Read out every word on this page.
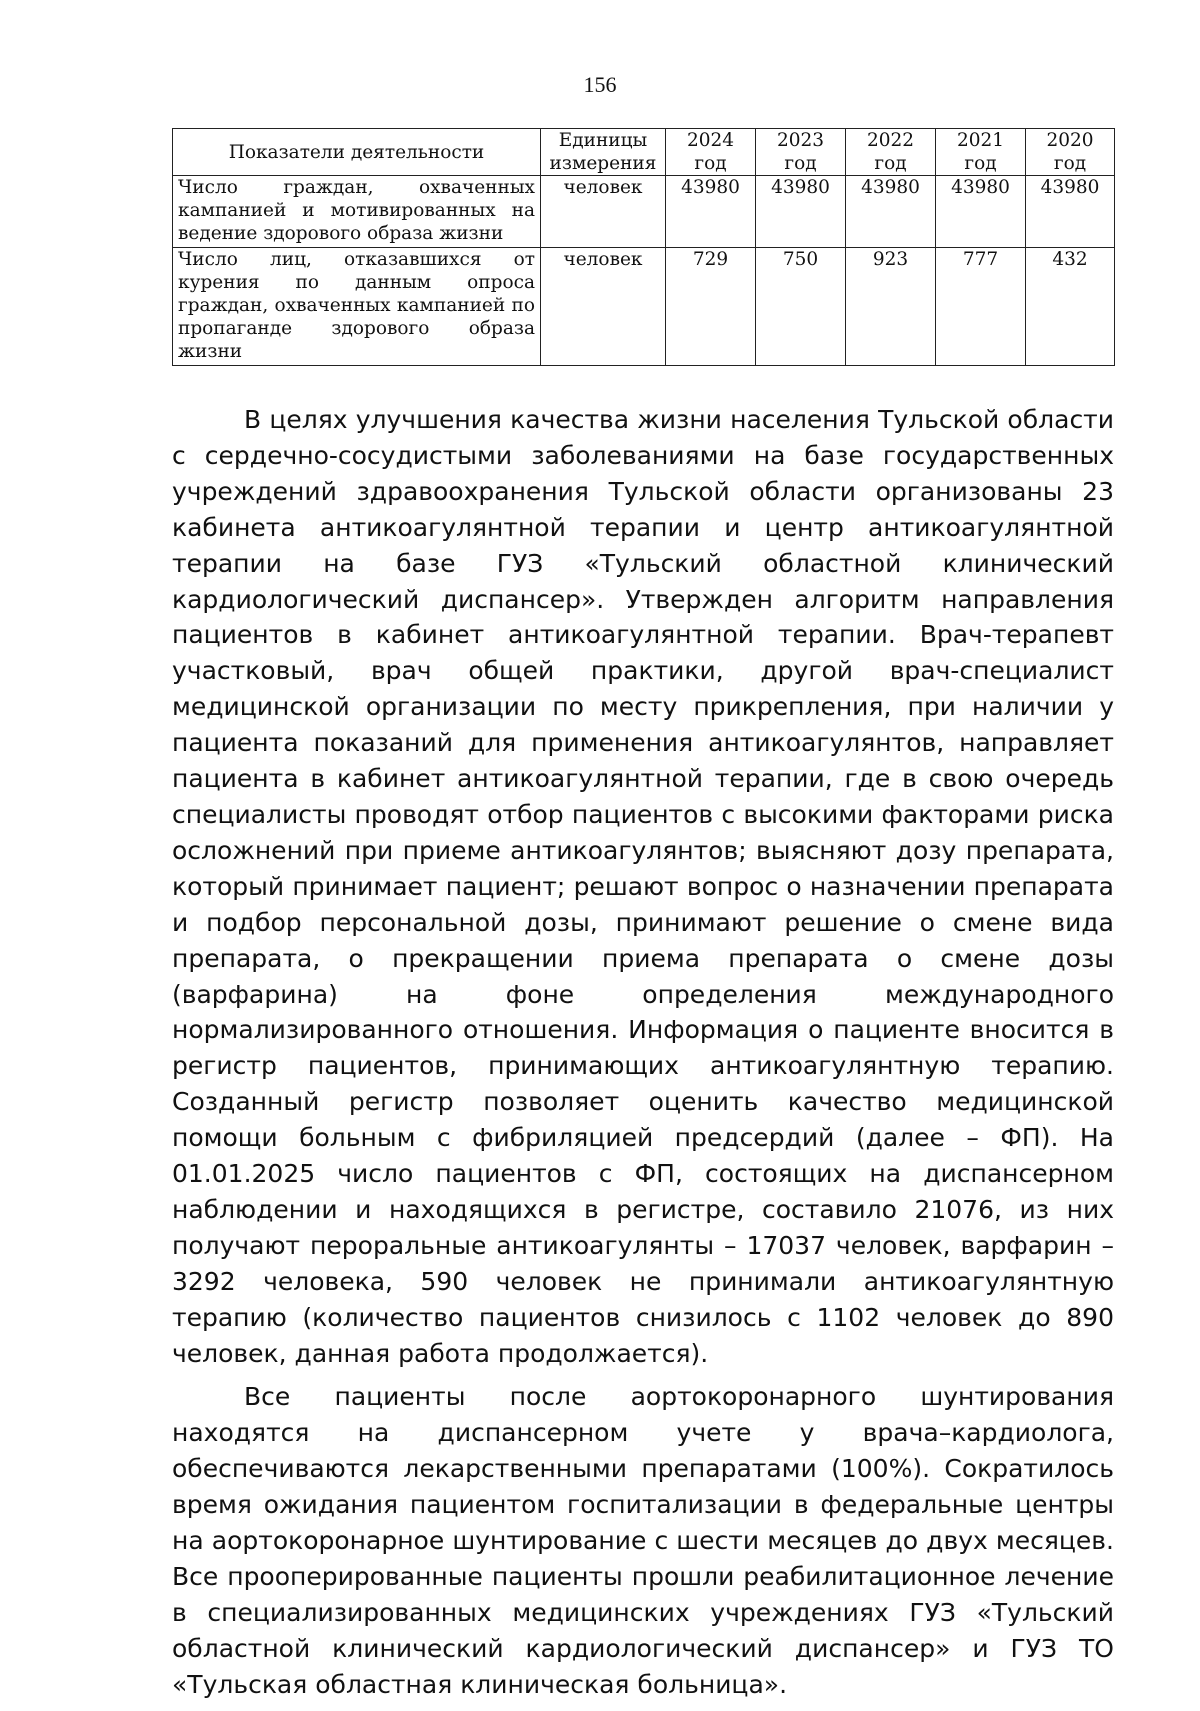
156
Показатели деятельности	Единицы измерения	2024 год	2023 год	2022 год	2021 год	2020 год
Число граждан, охваченных кампанией и мотивированных на ведение здорового образа жизни	человек	43980	43980	43980	43980	43980
Число лиц, отказавшихся от курения по данным опроса граждан, охваченных кампанией по пропаганде здорового образа жизни	человек	729	750	923	777	432

В целях улучшения качества жизни населения Тульской области с сердечно-сосудистыми заболеваниями на базе государственных учреждений здравоохранения Тульской области организованы 23 кабинета антикоагулянтной терапии и центр антикоагулянтной терапии на базе ГУЗ «Тульский областной клинический кардиологический диспансер». Утвержден алгоритм направления пациентов в кабинет антикоагулянтной терапии. Врач-терапевт участковый, врач общей практики, другой врач-специалист медицинской организации по месту прикрепления, при наличии у пациента показаний для применения антикоагулянтов, направляет пациента в кабинет антикоагулянтной терапии, где в свою очередь специалисты проводят отбор пациентов с высокими факторами риска осложнений при приеме антикоагулянтов; выясняют дозу препарата, который принимает пациент; решают вопрос о назначении препарата и подбор персональной дозы, принимают решение о смене вида препарата, о прекращении приема препарата о смене дозы (варфарина) на фоне определения международного нормализированного отношения. Информация о пациенте вносится в регистр пациентов, принимающих антикоагулянтную терапию. Созданный регистр позволяет оценить качество медицинской помощи больным с фибриляцией предсердий (далее – ФП). На 01.01.2025 число пациентов с ФП, состоящих на диспансерном наблюдении и находящихся в регистре, составило 21076, из них получают пероральные антикоагулянты – 17037 человек, варфарин – 3292 человека, 590 человек не принимали антикоагулянтную терапию (количество пациентов снизилось с 1102 человек до 890 человек, данная работа продолжается).

Все пациенты после аортокоронарного шунтирования находятся на диспансерном учете у врача–кардиолога, обеспечиваются лекарственными препаратами (100%). Сократилось время ожидания пациентом госпитализации в федеральные центры на аортокоронарное шунтирование с шести месяцев до двух месяцев. Все прооперированные пациенты прошли реабилитационное лечение в специализированных медицинских учреждениях ГУЗ «Тульский областной клинический кардиологический диспансер» и ГУЗ ТО «Тульская областная клиническая больница».
